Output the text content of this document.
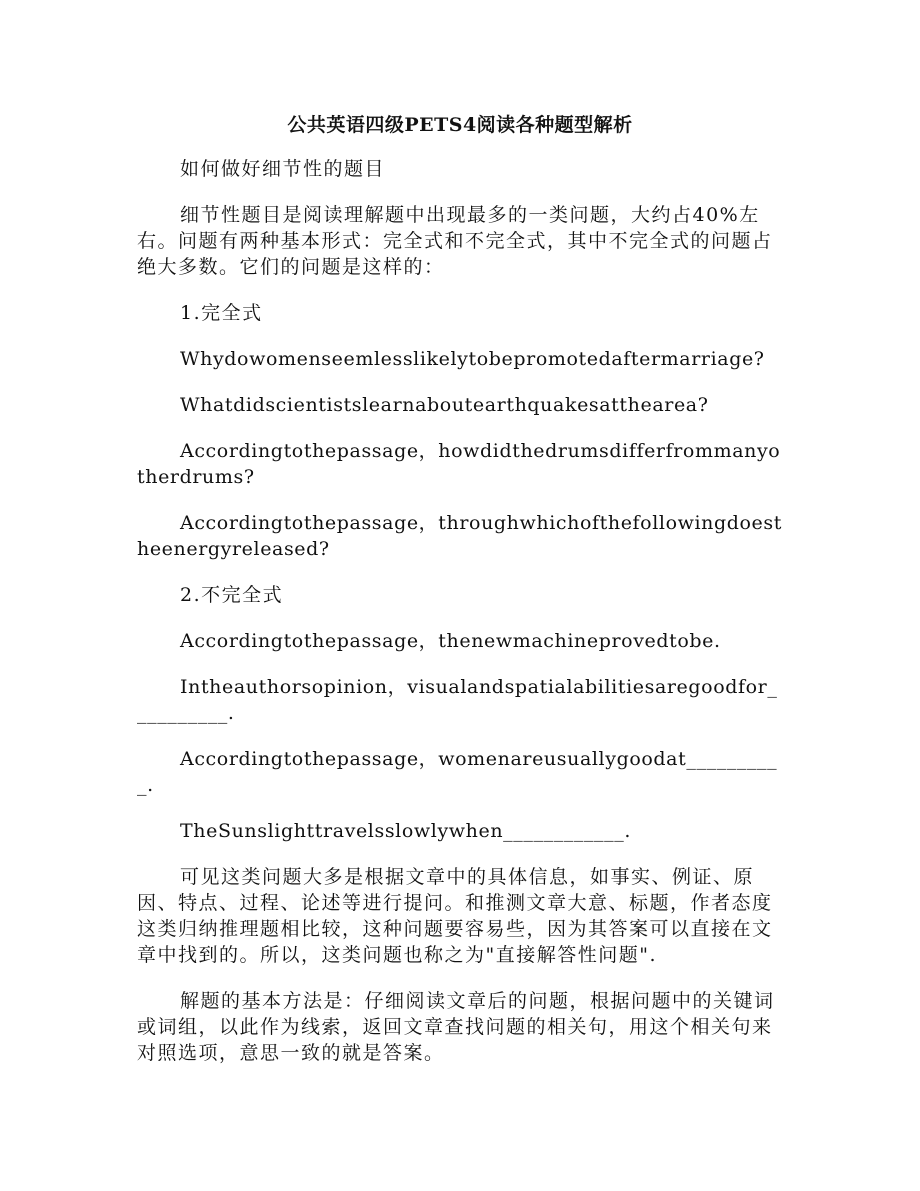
公共英语四级PETS4阅读各种题型解析

如何做好细节性的题目

细节性题目是阅读理解题中出现最多的一类问题，大约占40%左右。问题有两种基本形式：完全式和不完全式，其中不完全式的问题占绝大多数。它们的问题是这样的：

1.完全式

Whydowomenseemlesslikelytobepromotedaftermarriage?

Whatdidscientistslearnaboutearthquakesatthearea?

Accordingtothepassage，howdidthedrumsdifferfrommanyotherdrums?

Accordingtothepassage，throughwhichofthefollowingdoestheenergyreleased?

2.不完全式

Accordingtothepassage，thenewmachineprovedtobe.

Intheauthorsopinion，visualandspatialabilitiesaregoodfor__________.

Accordingtothepassage，womenareusuallygoodat__________.

TheSunslighttravelsslowlywhen____________.

可见这类问题大多是根据文章中的具体信息，如事实、例证、原因、特点、过程、论述等进行提问。和推测文章大意、标题，作者态度这类归纳推理题相比较，这种问题要容易些，因为其答案可以直接在文章中找到的。所以，这类问题也称之为"直接解答性问题".

解题的基本方法是：仔细阅读文章后的问题，根据问题中的关键词或词组，以此作为线索，返回文章查找问题的相关句，用这个相关句来对照选项，意思一致的就是答案。
